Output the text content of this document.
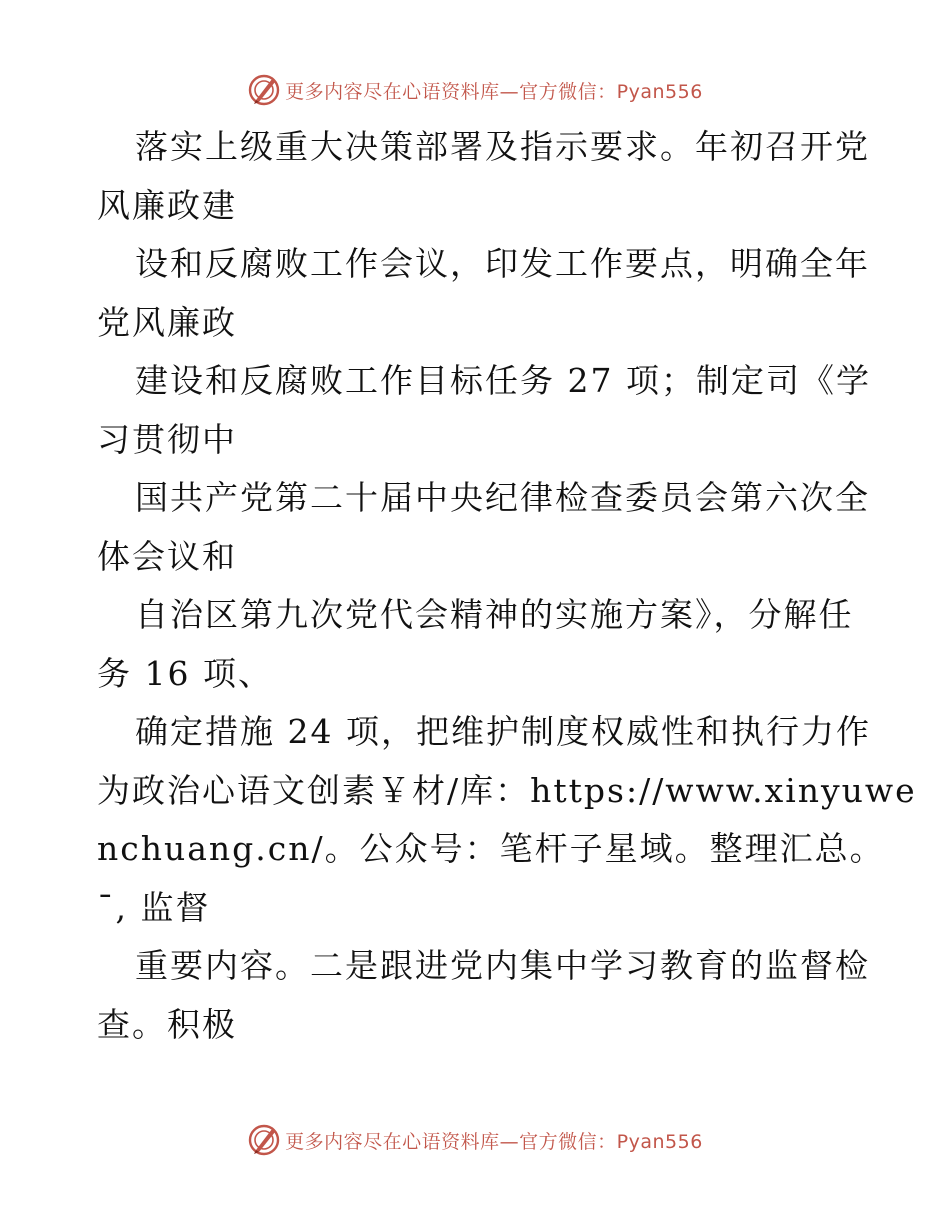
更多内容尽在心语资料库—官方微信：Pyan556
落实上级重大决策部署及指示要求。年初召开党
风廉政建
设和反腐败工作会议，印发工作要点，明确全年
党风廉政
建设和反腐败工作目标任务 27 项；制定司《学
习贯彻中
国共产党第二十届中央纪律检查委员会第六次全
体会议和
自治区第九次党代会精神的实施方案》，分解任
务 16 项、
确定措施 24 项，把维护制度权威性和执行力作
为政治心语文创素￥材/库：https://www.xinyuwe
nchuang.cn/。公众号：笔杆子星域。整理汇总。
¯, 监督
重要内容。二是跟进党内集中学习教育的监督检
查。积极
更多内容尽在心语资料库—官方微信：Pyan556
